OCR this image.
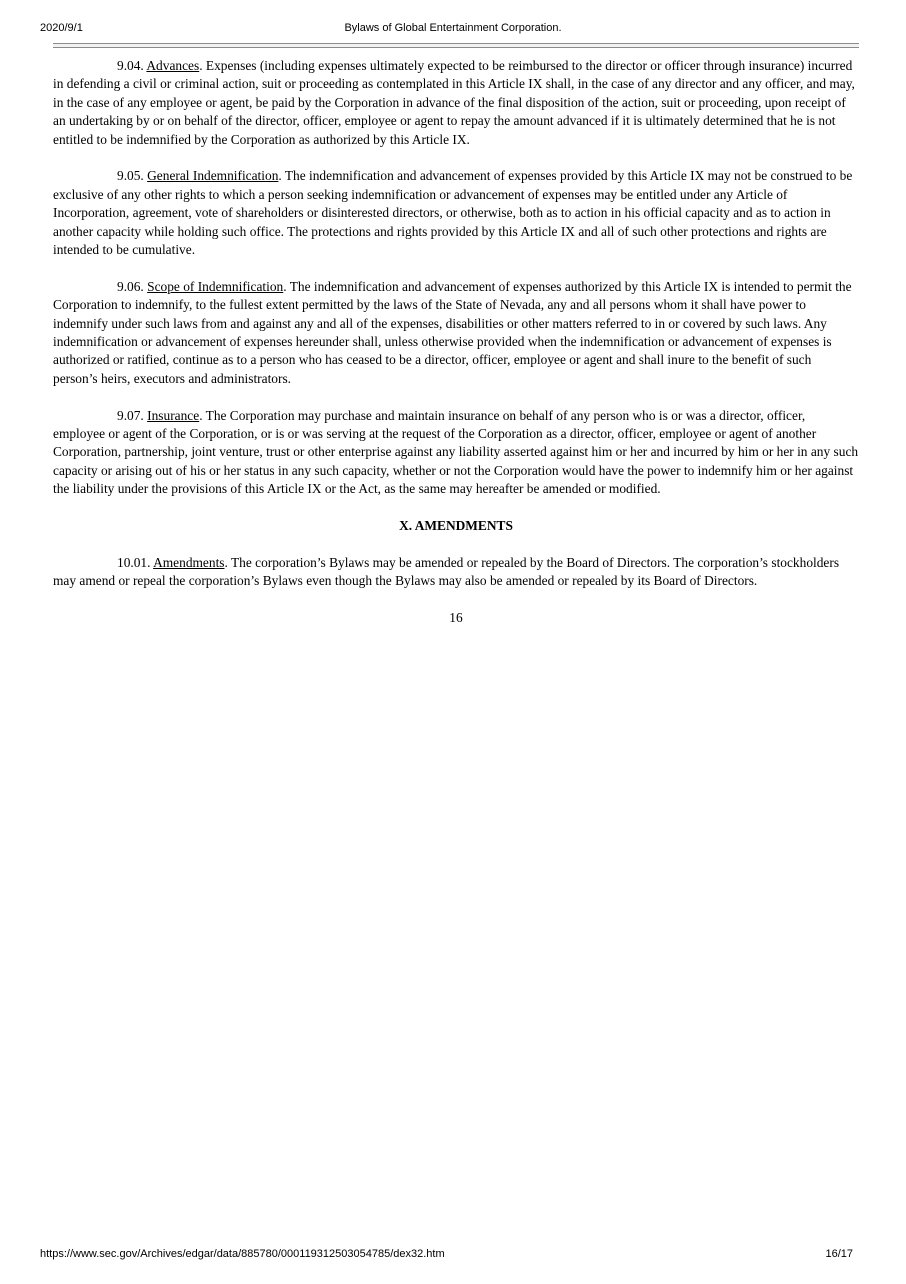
2020/9/1	Bylaws of Global Entertainment Corporation.

9.04. Advances. Expenses (including expenses ultimately expected to be reimbursed to the director or officer through insurance) incurred in defending a civil or criminal action, suit or proceeding as contemplated in this Article IX shall, in the case of any director and any officer, and may, in the case of any employee or agent, be paid by the Corporation in advance of the final disposition of the action, suit or proceeding, upon receipt of an undertaking by or on behalf of the director, officer, employee or agent to repay the amount advanced if it is ultimately determined that he is not entitled to be indemnified by the Corporation as authorized by this Article IX.

9.05. General Indemnification. The indemnification and advancement of expenses provided by this Article IX may not be construed to be exclusive of any other rights to which a person seeking indemnification or advancement of expenses may be entitled under any Article of Incorporation, agreement, vote of shareholders or disinterested directors, or otherwise, both as to action in his official capacity and as to action in another capacity while holding such office. The protections and rights provided by this Article IX and all of such other protections and rights are intended to be cumulative.

9.06. Scope of Indemnification. The indemnification and advancement of expenses authorized by this Article IX is intended to permit the Corporation to indemnify, to the fullest extent permitted by the laws of the State of Nevada, any and all persons whom it shall have power to indemnify under such laws from and against any and all of the expenses, disabilities or other matters referred to in or covered by such laws. Any indemnification or advancement of expenses hereunder shall, unless otherwise provided when the indemnification or advancement of expenses is authorized or ratified, continue as to a person who has ceased to be a director, officer, employee or agent and shall inure to the benefit of such person’s heirs, executors and administrators.

9.07. Insurance. The Corporation may purchase and maintain insurance on behalf of any person who is or was a director, officer, employee or agent of the Corporation, or is or was serving at the request of the Corporation as a director, officer, employee or agent of another Corporation, partnership, joint venture, trust or other enterprise against any liability asserted against him or her and incurred by him or her in any such capacity or arising out of his or her status in any such capacity, whether or not the Corporation would have the power to indemnify him or her against the liability under the provisions of this Article IX or the Act, as the same may hereafter be amended or modified.

X. AMENDMENTS

10.01. Amendments. The corporation’s Bylaws may be amended or repealed by the Board of Directors. The corporation’s stockholders may amend or repeal the corporation’s Bylaws even though the Bylaws may also be amended or repealed by its Board of Directors.

16

https://www.sec.gov/Archives/edgar/data/885780/000119312503054785/dex32.htm	16/17
